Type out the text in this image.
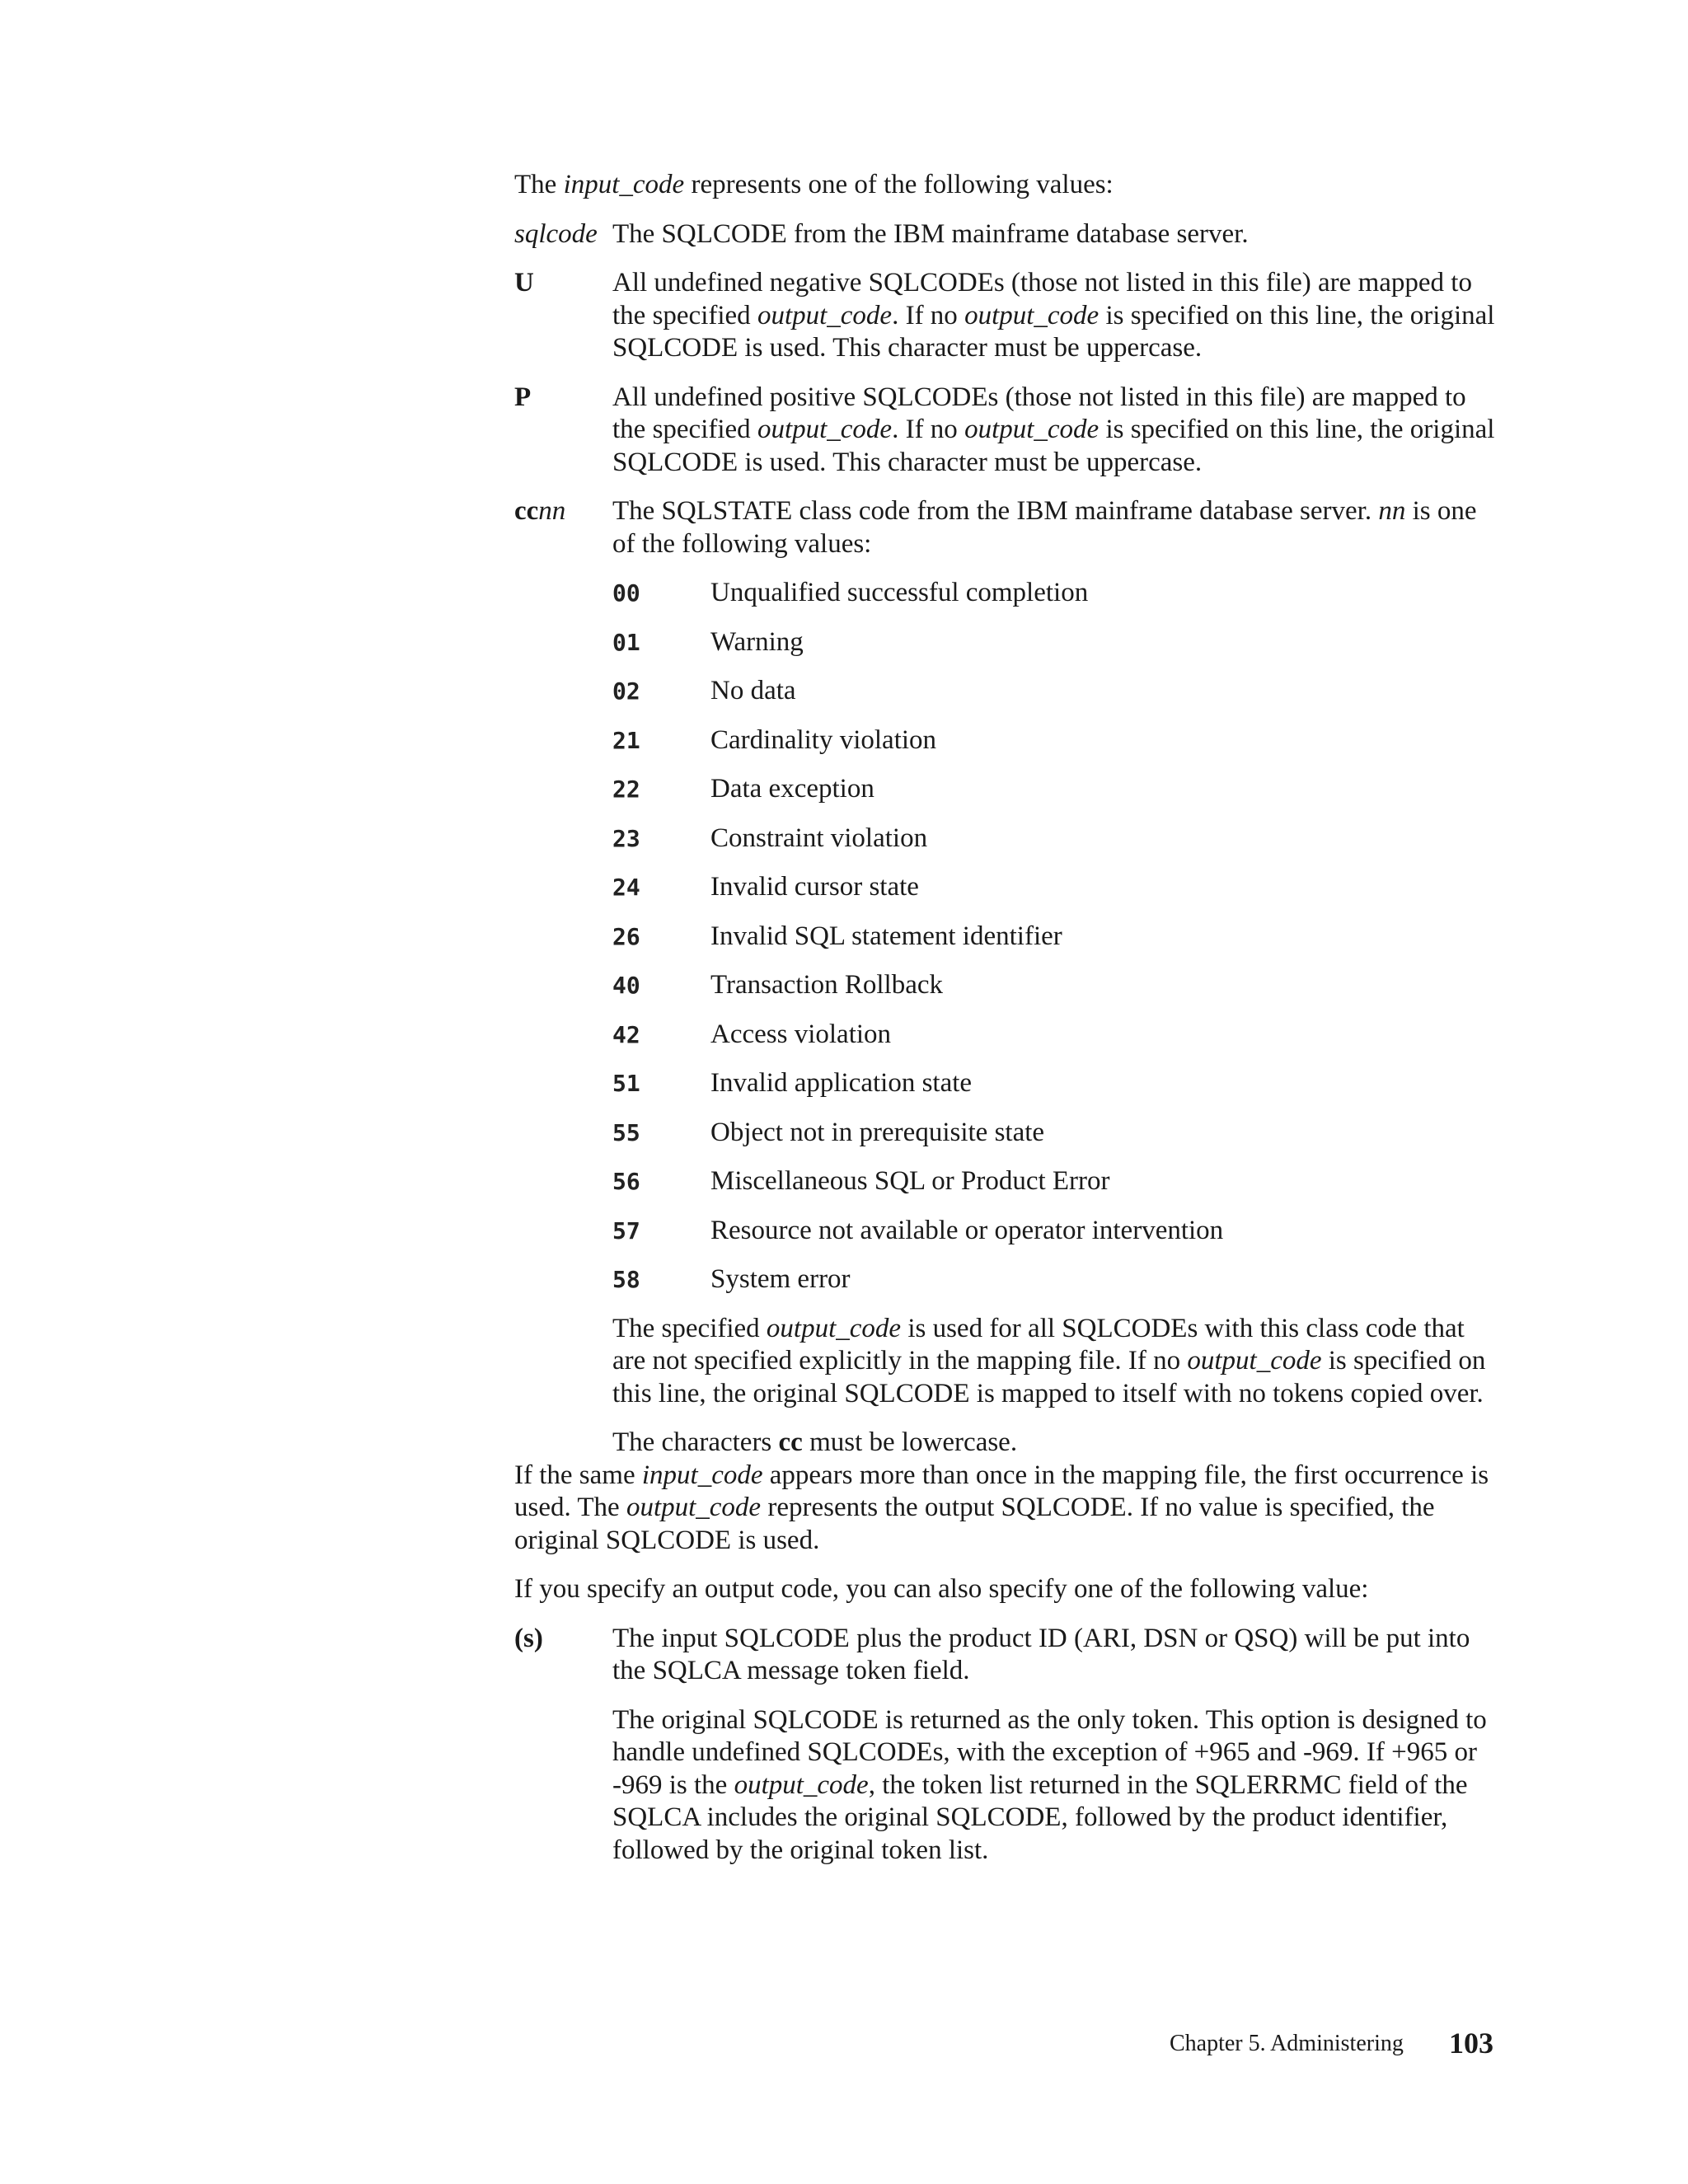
The input_code represents one of the following values:

sqlcode The SQLCODE from the IBM mainframe database server.
U	All undefined negative SQLCODEs (those not listed in this file) are mapped to the specified output_code. If no output_code is specified on this line, the original SQLCODE is used. This character must be uppercase.
P	All undefined positive SQLCODEs (those not listed in this file) are mapped to the specified output_code. If no output_code is specified on this line, the original SQLCODE is used. This character must be uppercase.
ccnn	The SQLSTATE class code from the IBM mainframe database server. nn is one of the following values:

00	Unqualified successful completion
01	Warning
02	No data
21	Cardinality violation
22	Data exception
23	Constraint violation
24	Invalid cursor state
26	Invalid SQL statement identifier
40	Transaction Rollback
42	Access violation
51	Invalid application state
55	Object not in prerequisite state
56	Miscellaneous SQL or Product Error
57	Resource not available or operator intervention
58	System error

The specified output_code is used for all SQLCODEs with this class code that are not specified explicitly in the mapping file. If no output_code is specified on this line, the original SQLCODE is mapped to itself with no tokens copied over.

The characters cc must be lowercase.

If the same input_code appears more than once in the mapping file, the first occurrence is used. The output_code represents the output SQLCODE. If no value is specified, the original SQLCODE is used.

If you specify an output code, you can also specify one of the following value:

(s)	The input SQLCODE plus the product ID (ARI, DSN or QSQ) will be put into the SQLCA message token field.

The original SQLCODE is returned as the only token. This option is designed to handle undefined SQLCODEs, with the exception of +965 and -969. If +965 or -969 is the output_code, the token list returned in the SQLERRMC field of the SQLCA includes the original SQLCODE, followed by the product identifier, followed by the original token list.

Chapter 5. Administering 103
